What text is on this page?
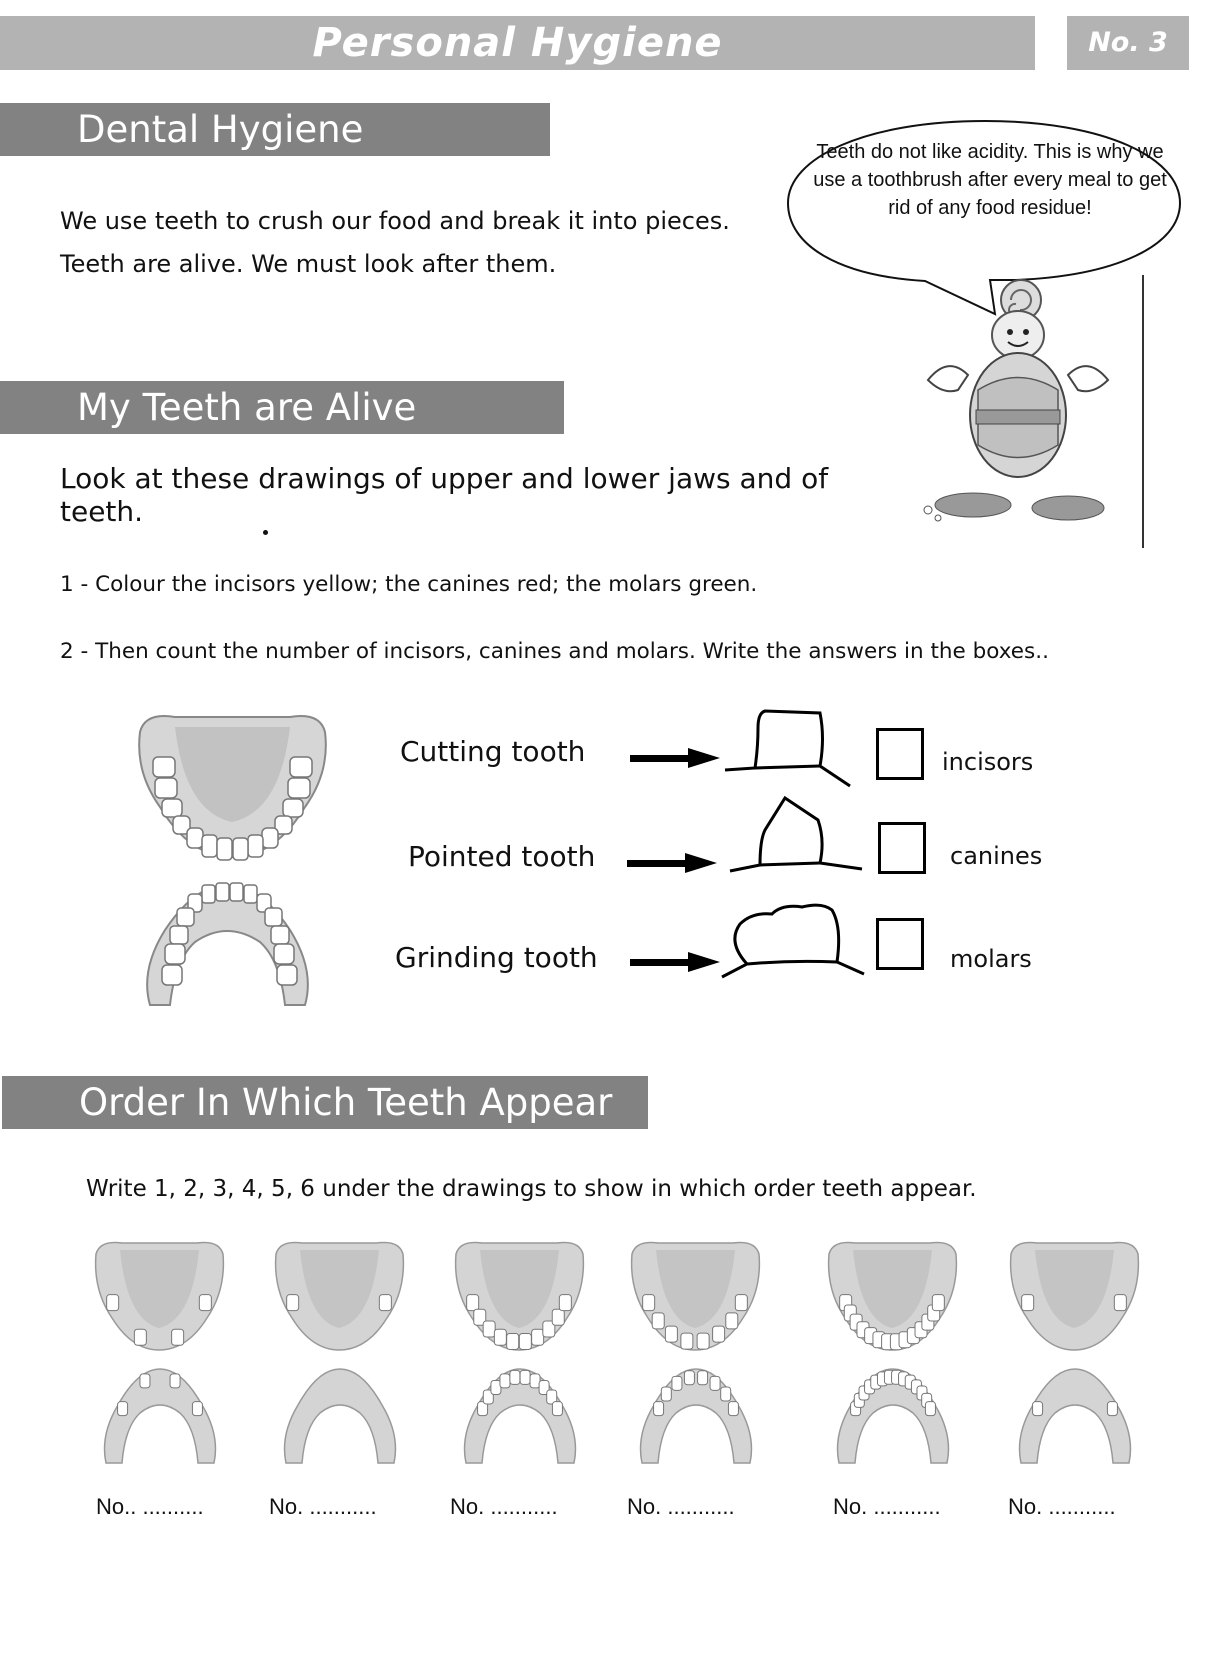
Personal Hygiene	No. 3
Dental Hygiene
We use teeth to crush our food and break it into pieces.
Teeth are alive. We must look after them.
Teeth do not like acidity. This is why we use a toothbrush after every meal to get rid of any food residue!
My Teeth are Alive
Look at these drawings of upper and lower jaws and of teeth.
1 - Colour the incisors yellow; the canines red; the molars green.
2 - Then count the number of incisors, canines and molars. Write the answers in the boxes..
Cutting tooth
Pointed tooth
Grinding tooth
incisors
canines
molars
Order In Which Teeth Appear
Write 1, 2, 3, 4, 5, 6 under the drawings to show in which order teeth appear.
No.. ..........	No. ...........	No. ...........	No. ...........	No. ...........	No. ...........
